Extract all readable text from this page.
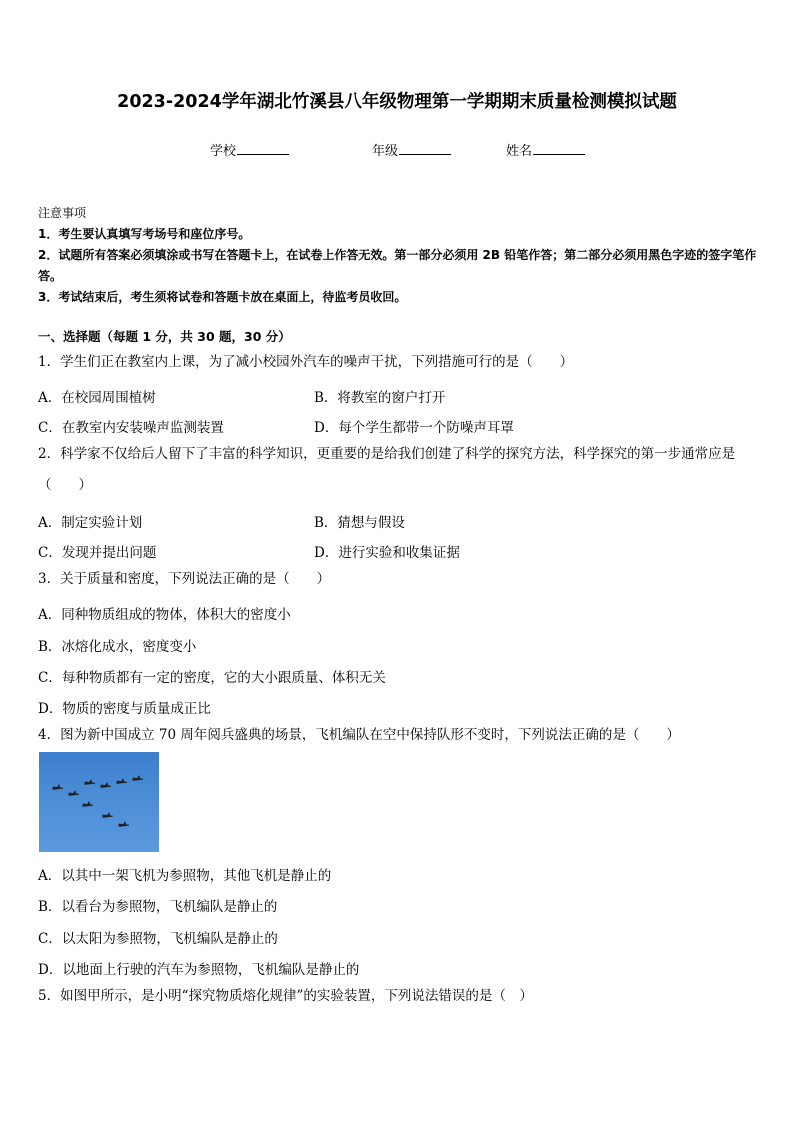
2023-2024学年湖北竹溪县八年级物理第一学期期末质量检测模拟试题
学校	年级	姓名
注意事项
1．考生要认真填写考场号和座位序号。
2．试题所有答案必须填涂或书写在答题卡上，在试卷上作答无效。第一部分必须用 2B 铅笔作答；第二部分必须用黑色字迹的签字笔作答。
3．考试结束后，考生须将试卷和答题卡放在桌面上，待监考员收回。
一、选择题（每题 1 分，共 30 题，30 分）
1．学生们正在教室内上课，为了减小校园外汽车的噪声干扰，下列措施可行的是（　　）
A．在校园周围植树	B．将教室的窗户打开
C．在教室内安装噪声监测装置	D．每个学生都带一个防噪声耳罩
2．科学家不仅给后人留下了丰富的科学知识，更重要的是给我们创建了科学的探究方法，科学探究的第一步通常应是（　　）
A．制定实验计划	B．猜想与假设
C．发现并提出问题	D．进行实验和收集证据
3．关于质量和密度，下列说法正确的是（　　）
A．同种物质组成的物体，体积大的密度小
B．冰熔化成水，密度变小
C．每种物质都有一定的密度，它的大小跟质量、体积无关
D．物质的密度与质量成正比
4．图为新中国成立 70 周年阅兵盛典的场景，飞机编队在空中保持队形不变时，下列说法正确的是（　　）
A．以其中一架飞机为参照物，其他飞机是静止的
B．以看台为参照物，飞机编队是静止的
C．以太阳为参照物，飞机编队是静止的
D．以地面上行驶的汽车为参照物，飞机编队是静止的
5．如图甲所示，是小明“探究物质熔化规律”的实验装置，下列说法错误的是（　）
